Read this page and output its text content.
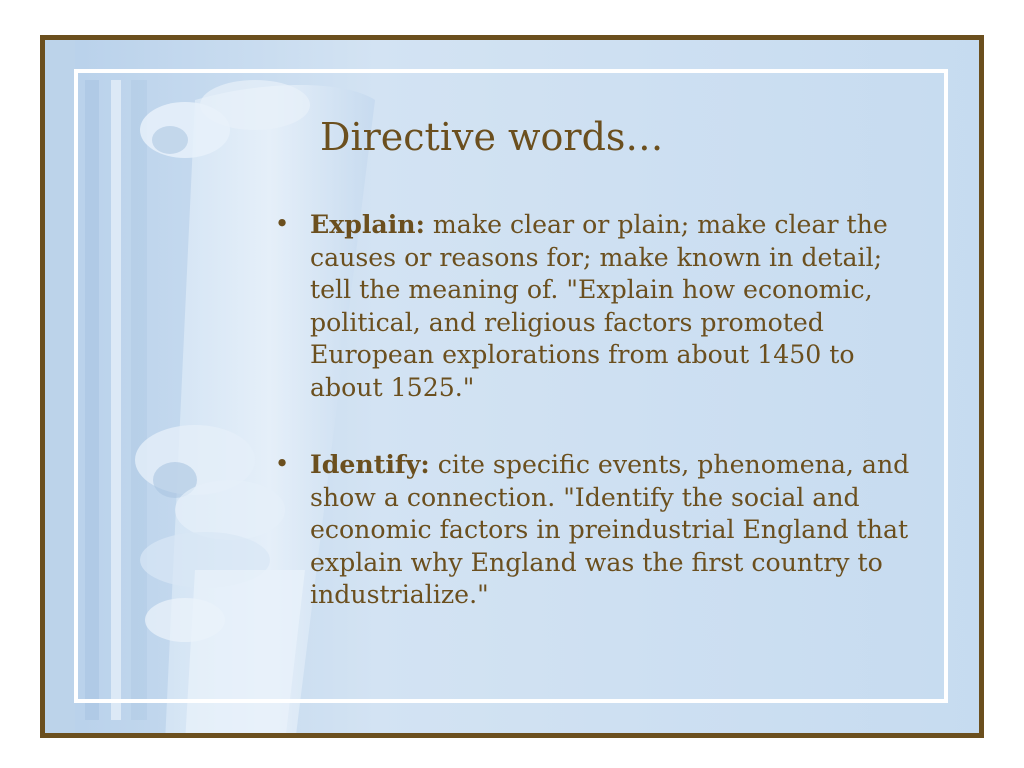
Directive words…
• Explain: make clear or plain; make clear the causes or reasons for; make known in detail; tell the meaning of. "Explain how economic, political, and religious factors promoted European explorations from about 1450 to about 1525."
• Identify: cite specific events, phenomena, and show a connection. "Identify the social and economic factors in preindustrial England that explain why England was the first country to industrialize."
